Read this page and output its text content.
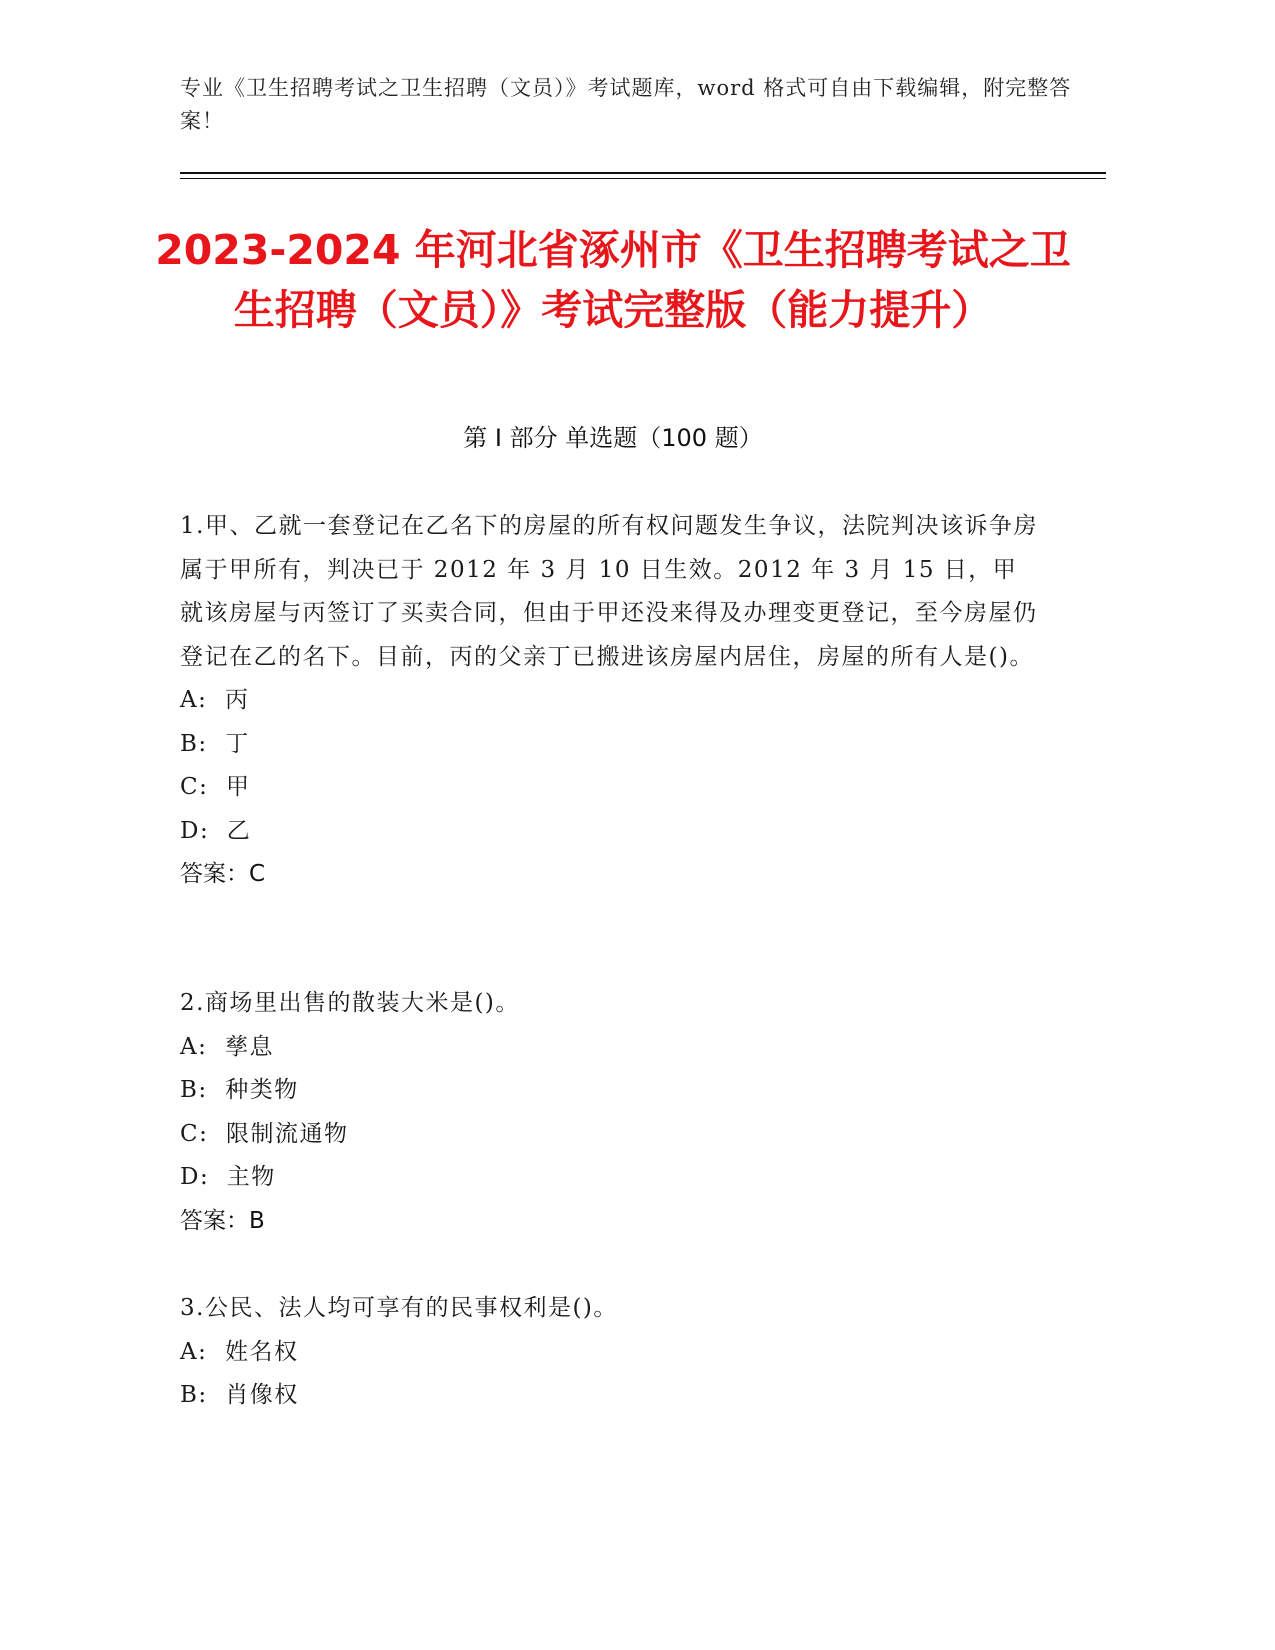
专业《卫生招聘考试之卫生招聘（文员）》考试题库，word 格式可自由下载编辑，附完整答案！
2023-2024 年河北省涿州市《卫生招聘考试之卫生招聘（文员）》考试完整版（能力提升）
第 I 部分 单选题（100 题）

1.甲、乙就一套登记在乙名下的房屋的所有权问题发生争议，法院判决该诉争房属于甲所有，判决已于 2012 年 3 月 10 日生效。2012 年 3 月 15 日，甲就该房屋与丙签订了买卖合同，但由于甲还没来得及办理变更登记，至今房屋仍登记在乙的名下。目前，丙的父亲丁已搬进该房屋内居住，房屋的所有人是()。

A:  丙

B:  丁

C:  甲

D:  乙

答案：C

2.商场里出售的散装大米是()。

A:  孳息

B:  种类物

C:  限制流通物

D:  主物

答案：B

3.公民、法人均可享有的民事权利是()。

A:  姓名权

B:  肖像权
